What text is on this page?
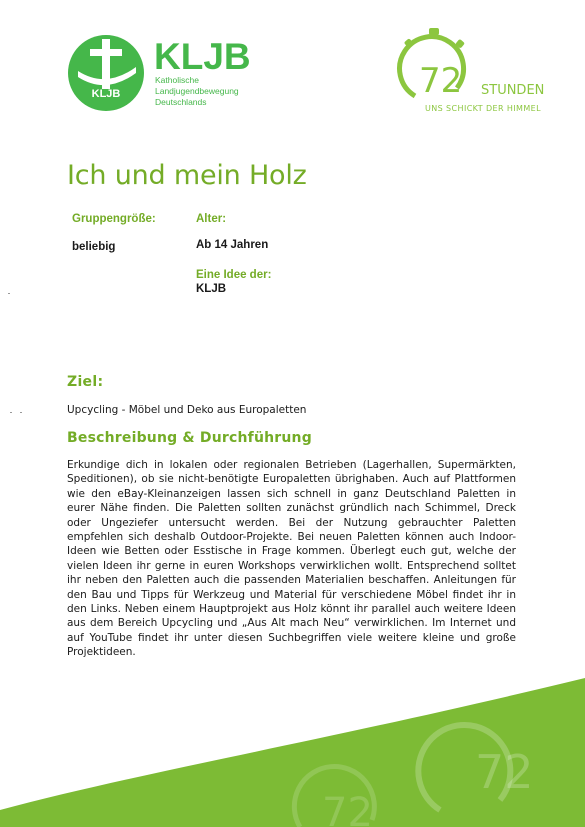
KLJB
KLJB
Katholische
Landjugendbewegung
Deutschlands
72 STUNDEN
UNS SCHICKT DER HIMMEL
Ich und mein Holz
Gruppengröße:
beliebig
Alter:
Ab 14 Jahren
Eine Idee der:
KLJB
Ziel:
Upcycling - Möbel und Deko aus Europaletten
Beschreibung & Durchführung

Erkundige dich in lokalen oder regionalen Betrieben (Lagerhallen, Supermärkten, Speditionen), ob sie nicht-benötigte Europaletten übrighaben. Auch auf Plattformen wie den eBay-Kleinanzeigen lassen sich schnell in ganz Deutschland Paletten in eurer Nähe finden. Die Paletten sollten zunächst gründlich nach Schimmel, Dreck oder Ungeziefer untersucht werden. Bei der Nutzung gebrauchter Paletten empfehlen sich deshalb Outdoor-Projekte. Bei neuen Paletten können auch Indoor-Ideen wie Betten oder Esstische in Frage kommen. Überlegt euch gut, welche der vielen Ideen ihr gerne in euren Workshops verwirklichen wollt. Entsprechend solltet ihr neben den Paletten auch die passenden Materialien beschaffen. Anleitungen für den Bau und Tipps für Werkzeug und Material für verschiedene Möbel findet ihr in den Links. Neben einem Hauptprojekt aus Holz könnt ihr parallel auch weitere Ideen aus dem Bereich Upcycling und „Aus Alt mach Neu“ verwirklichen. Im Internet und auf YouTube findet ihr unter diesen Suchbegriffen viele weitere kleine und große Projektideen.

72
72
